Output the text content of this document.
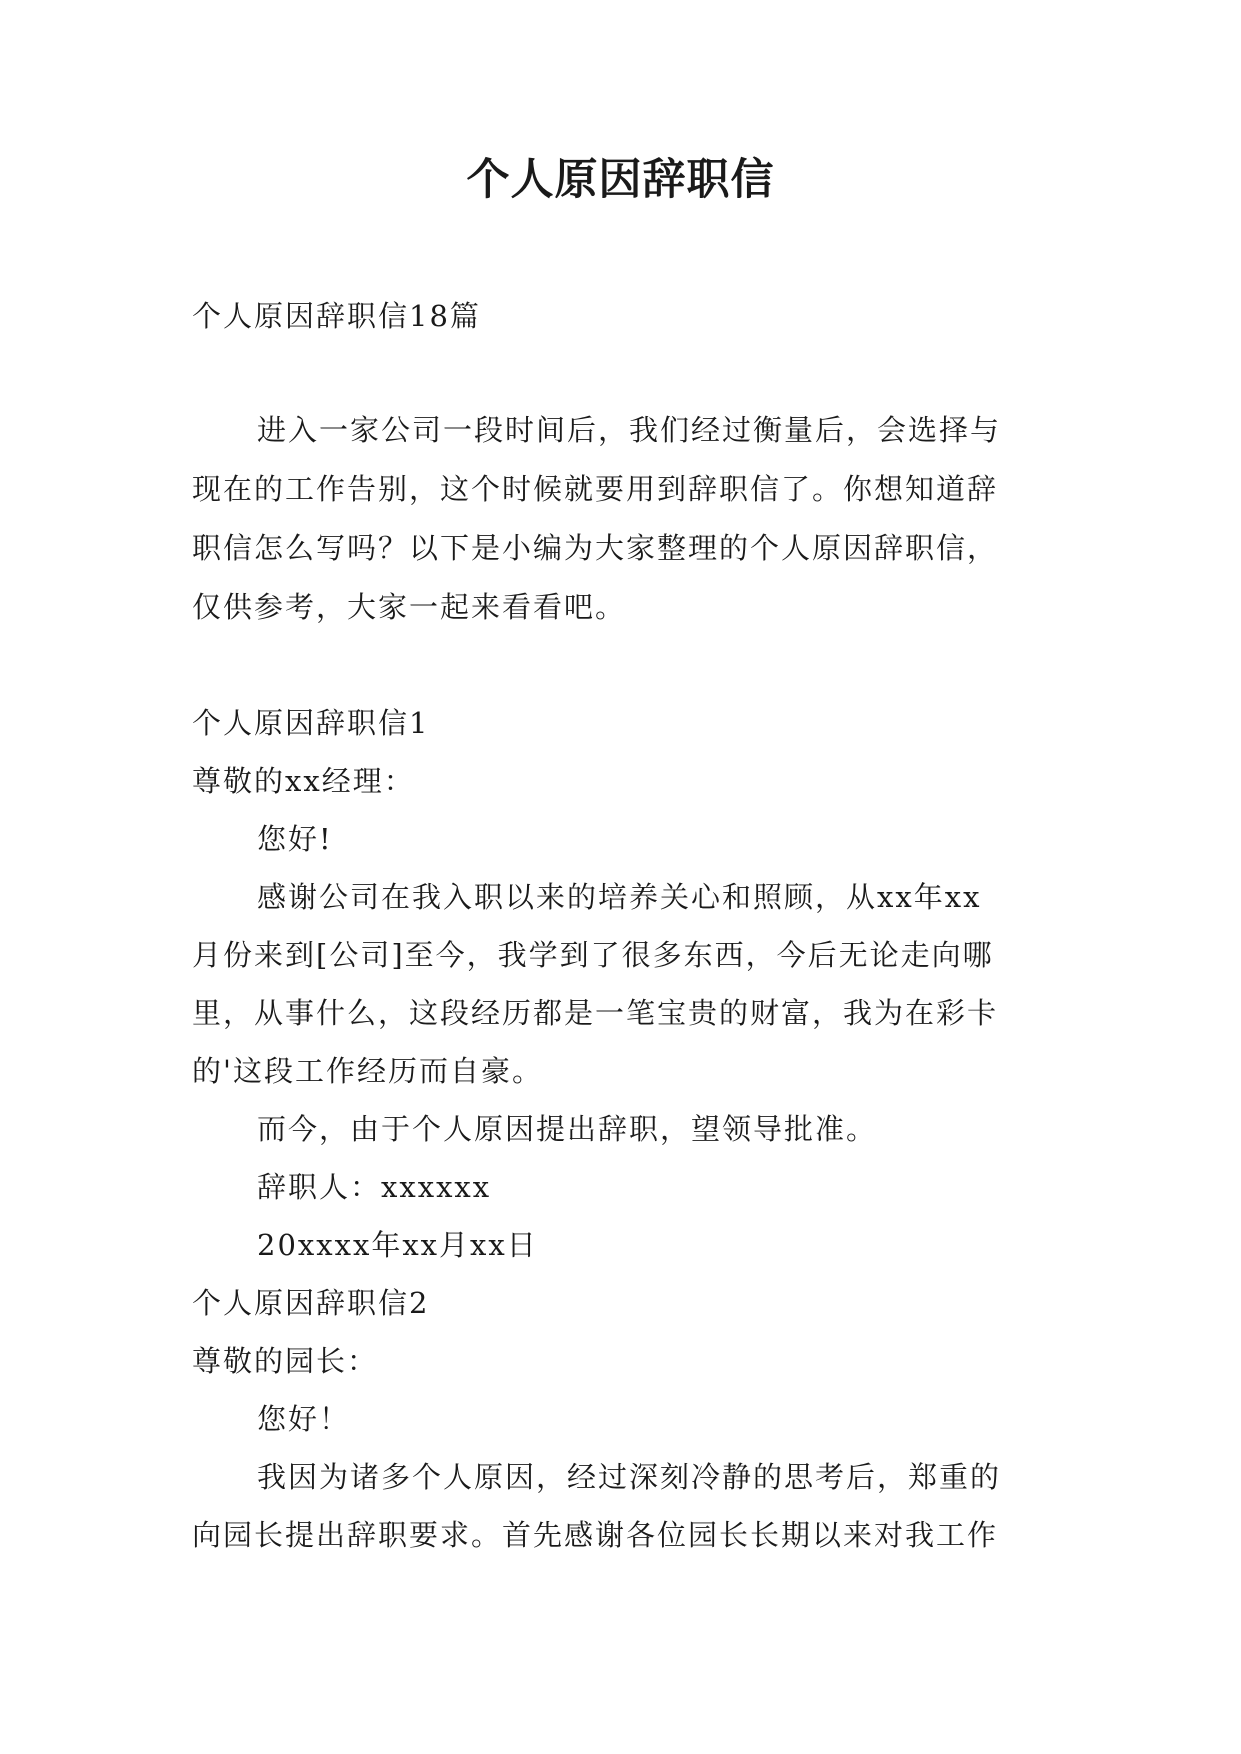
个人原因辞职信
个人原因辞职信18篇
进入一家公司一段时间后，我们经过衡量后，会选择与
现在的工作告别，这个时候就要用到辞职信了。你想知道辞
职信怎么写吗？以下是小编为大家整理的个人原因辞职信，
仅供参考，大家一起来看看吧。
个人原因辞职信1
尊敬的xx经理：
您好!
感谢公司在我入职以来的培养关心和照顾，从xx年xx
月份来到[公司]至今，我学到了很多东西，今后无论走向哪
里，从事什么，这段经历都是一笔宝贵的财富，我为在彩卡
的'这段工作经历而自豪。
而今，由于个人原因提出辞职，望领导批准。
辞职人：xxxxxx
20xxxx年xx月xx日
个人原因辞职信2
尊敬的园长：
您好！
我因为诸多个人原因，经过深刻冷静的思考后，郑重的
向园长提出辞职要求。首先感谢各位园长长期以来对我工作
